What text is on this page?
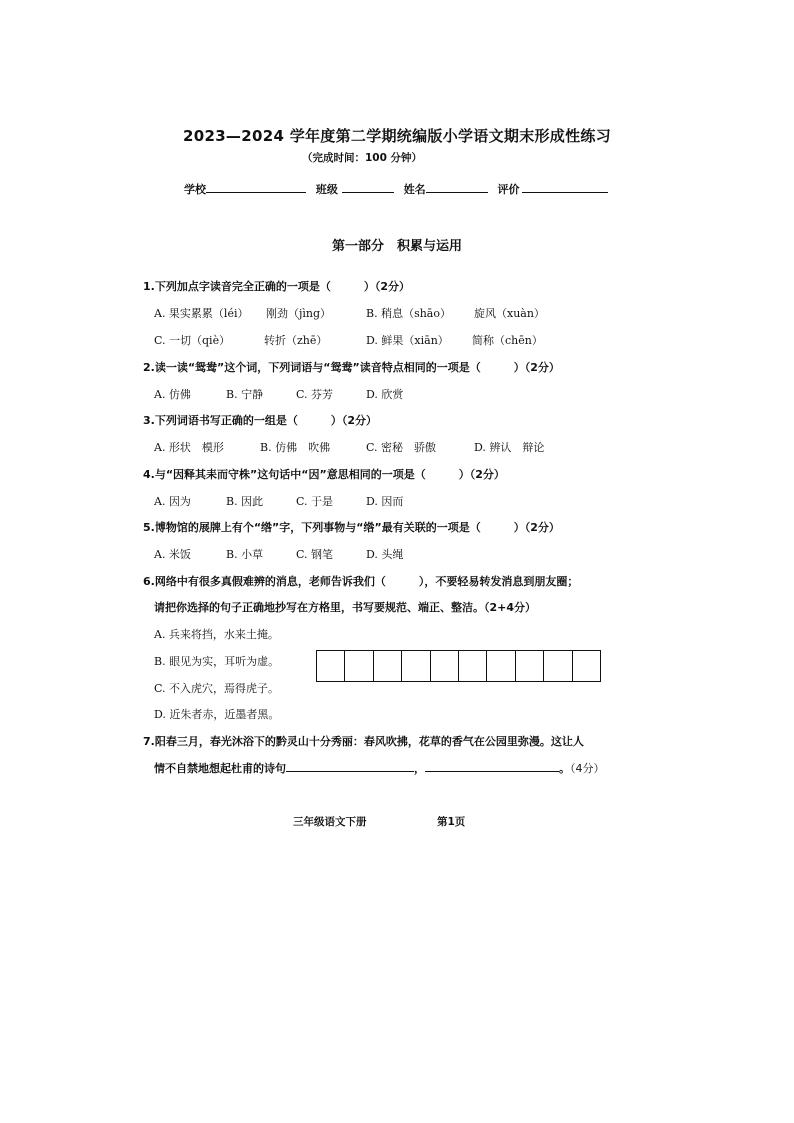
2023—2024 学年度第二学期统编版小学语文期末形成性练习
（完成时间：100 分钟）
学校	班级	姓名	评价
第一部分　积累与运用
1.下列加点字读音完全正确的一项是（　　　）（2分）
A. 果实累累（léi） 刚劲（jìng）	B. 稍息（shāo） 旋风（xuàn）
C. 一切（qiè）	转折（zhē）	D. 鲜果（xiān） 简称（chēn）
2.读一读“鸳鸯”这个词，下列词语与“鸳鸯”读音特点相同的一项是（　　　）（2分）
A. 仿佛	B. 宁静	C. 芬芳	D. 欣赏
3.下列词语书写正确的一组是（　　　）（2分）
A. 形状　模形	B. 仿佛　吹佛	C. 密秘　骄傲	D. 辨认　辩论
4.与“因释其耒而守株”这句话中“因”意思相同的一项是（　　　）（2分）
A. 因为	B. 因此	C. 于是	D. 因而
5.博物馆的展牌上有个“绺”字，下列事物与“绺”最有关联的一项是（　　　）（2分）
A. 米饭	B. 小草	C. 钢笔	D. 头绳
6.网络中有很多真假难辨的消息，老师告诉我们（　　　），不要轻易转发消息到朋友圈；
请把你选择的句子正确地抄写在方格里，书写要规范、端正、整洁。（2+4分）
A. 兵来将挡，水来土掩。
B. 眼见为实，耳听为虚。
C. 不入虎穴，焉得虎子。
D. 近朱者赤，近墨者黑。
7.阳春三月，春光沐浴下的黔灵山十分秀丽：春风吹拂，花草的香气在公园里弥漫。这让人
情不自禁地想起杜甫的诗句	，	。（4分）
三年级语文下册	第1页
